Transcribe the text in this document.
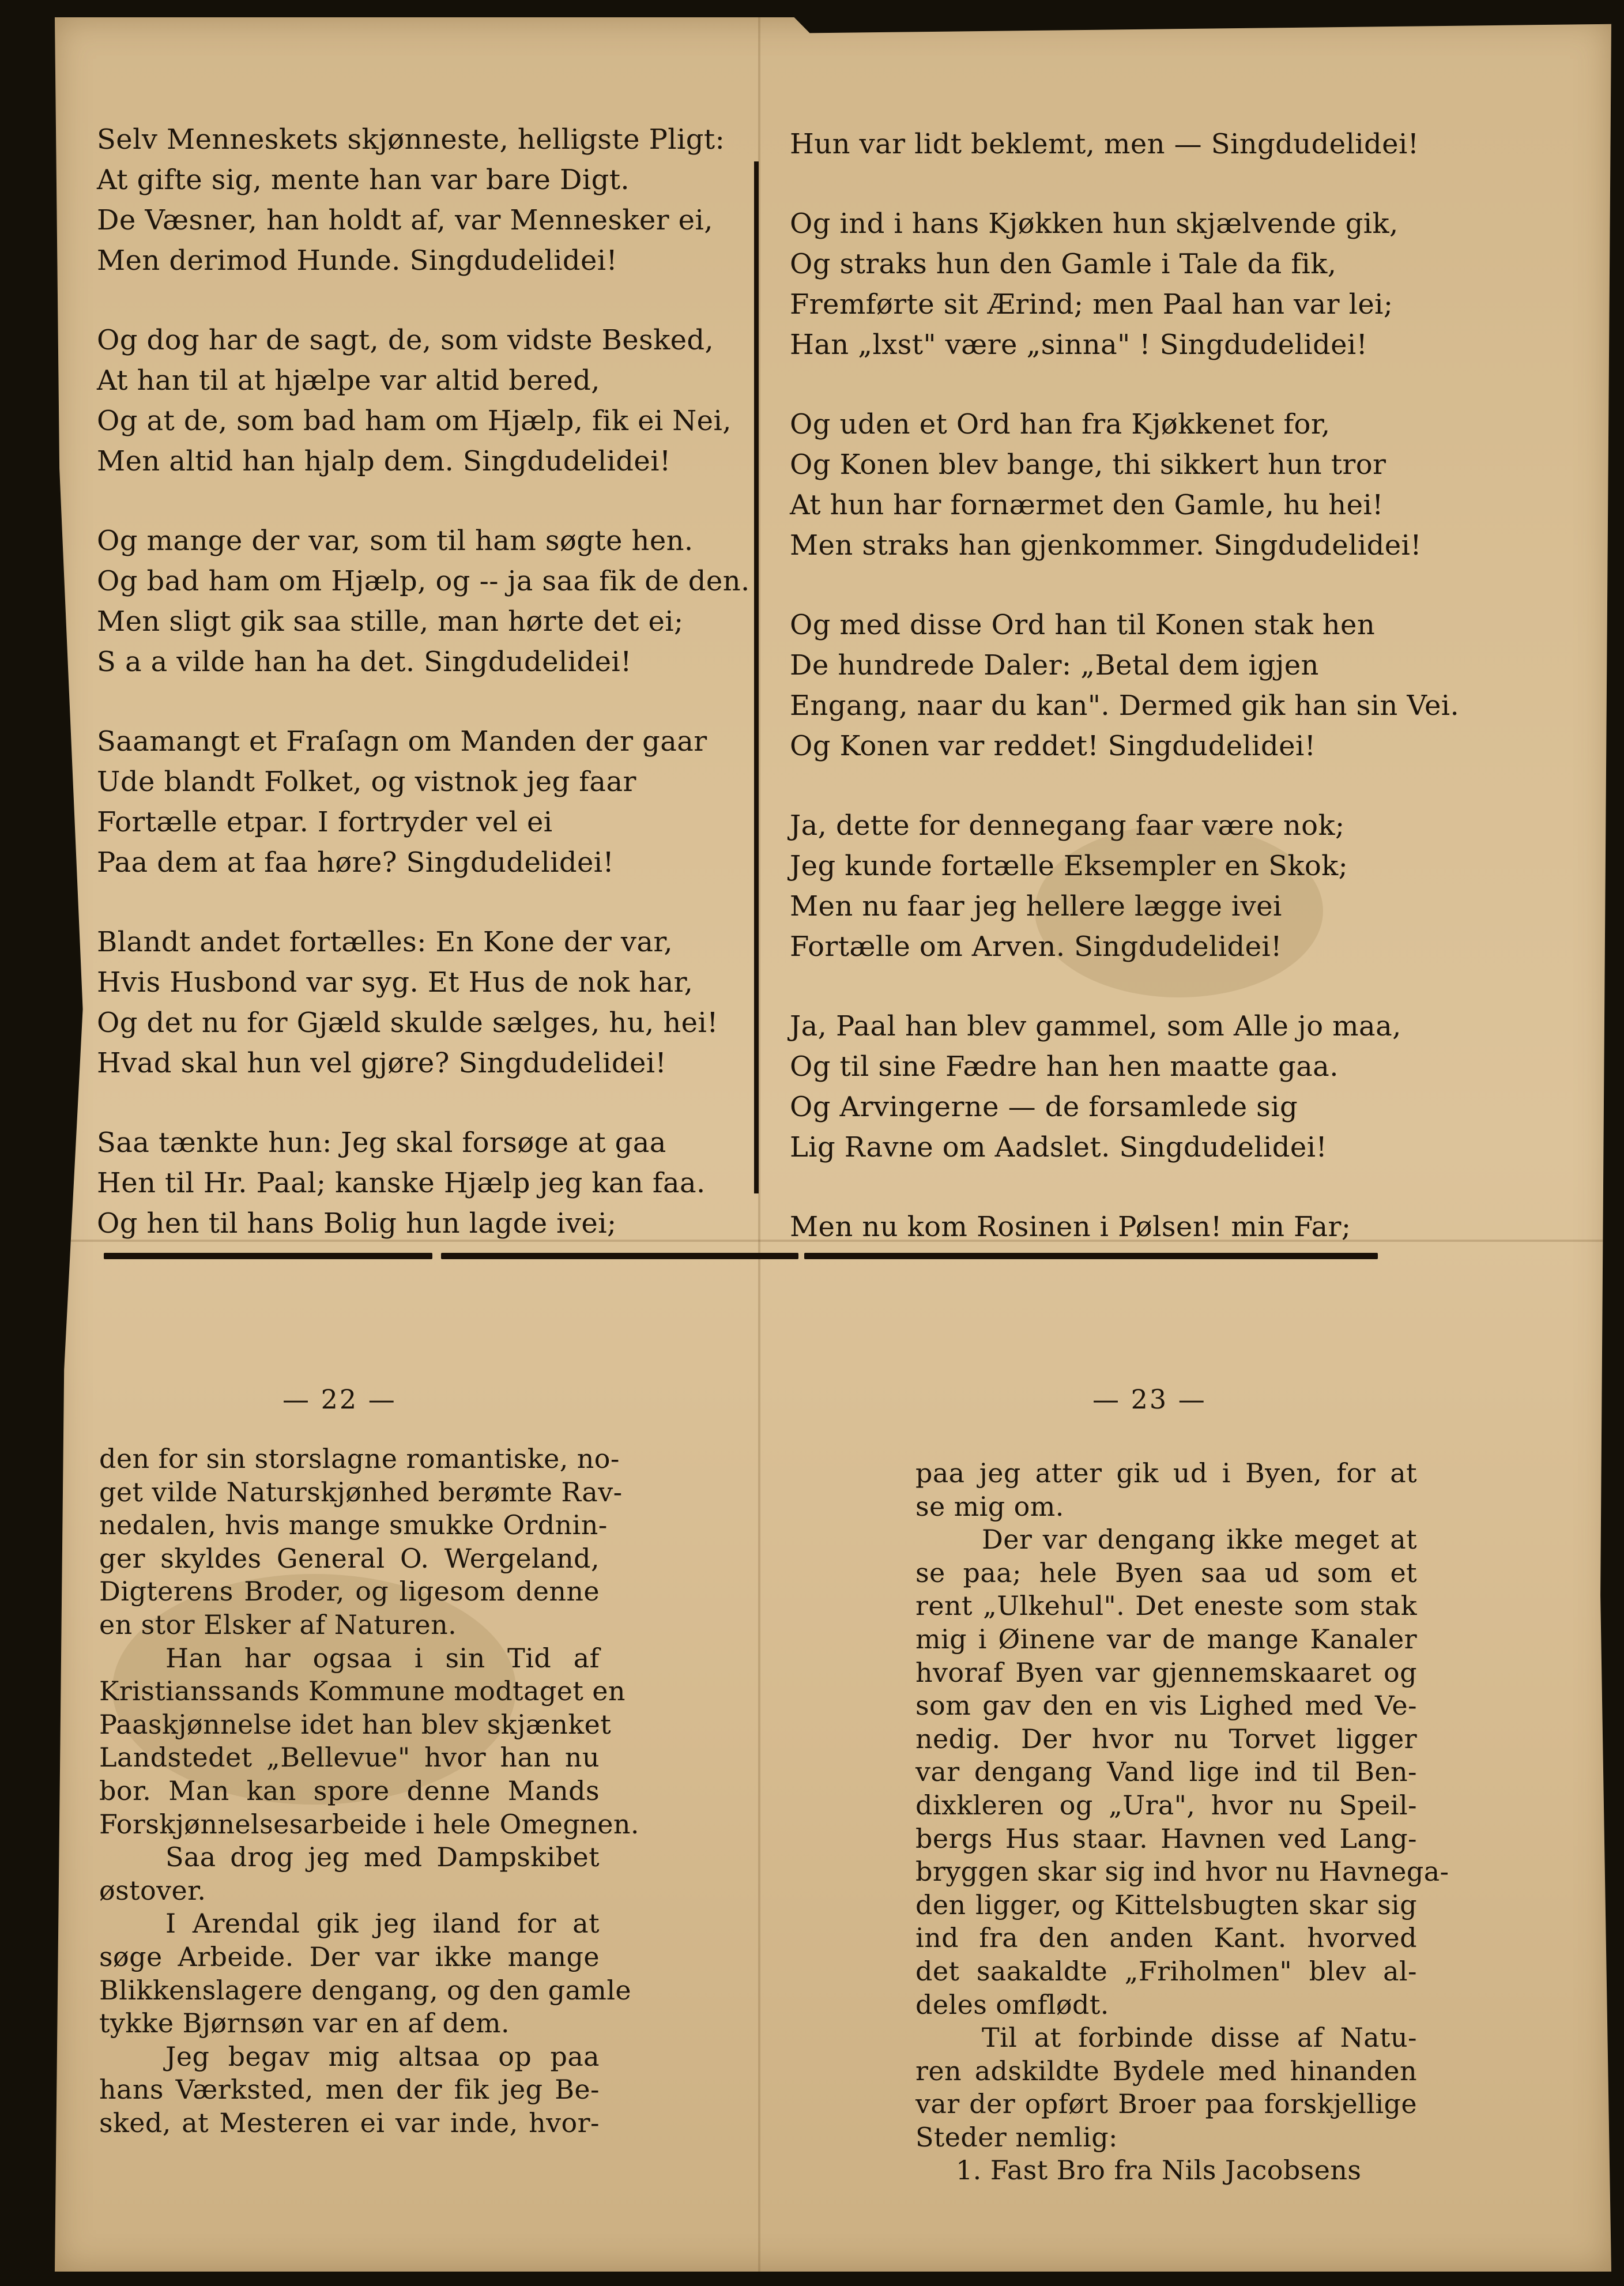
Selv Menneskets skjønneste, helligste Pligt:
At gifte sig, mente han var bare Digt.
De Væsner, han holdt af, var Mennesker ei,
Men derimod Hunde. Singdudelidei!
Og dog har de sagt, de, som vidste Besked,
At han til at hjælpe var altid bered,
Og at de, som bad ham om Hjælp, fik ei Nei,
Men altid han hjalp dem. Singdudelidei!
Og mange der var, som til ham søgte hen.
Og bad ham om Hjælp, og -- ja saa fik de den.
Men sligt gik saa stille, man hørte det ei;
S a a vilde han ha det. Singdudelidei!
Saamangt et Fraſagn om Manden der gaar
Ude blandt Folket, og vistnok jeg faar
Fortælle etpar. I fortryder vel ei
Paa dem at faa høre? Singdudelidei!
Blandt andet fortælles: En Kone der var,
Hvis Husbond var syg. Et Hus de nok har,
Og det nu for Gjæld skulde sælges, hu, hei!
Hvad skal hun vel gjøre? Singdudelidei!
Saa tænkte hun: Jeg skal forsøge at gaa
Hen til Hr. Paal; kanske Hjælp jeg kan faa.
Og hen til hans Bolig hun lagde ivei;
Hun var lidt beklemt, men — Singdudelidei!
Og ind i hans Kjøkken hun skjælvende gik,
Og straks hun den Gamle i Tale da fik,
Fremførte sit Ærind; men Paal han var lei;
Han „lxst" være „sinna" ! Singdudelidei!
Og uden et Ord han fra Kjøkkenet for,
Og Konen blev bange, thi sikkert hun tror
At hun har fornærmet den Gamle, hu hei!
Men straks han gjenkommer. Singdudelidei!
Og med disse Ord han til Konen stak hen
De hundrede Daler: „Betal dem igjen
Engang, naar du kan". Dermed gik han sin Vei.
Og Konen var reddet! Singdudelidei!
Ja, dette for dennegang faar være nok;
Jeg kunde fortælle Eksempler en Skok;
Men nu faar jeg hellere lægge ivei
Fortælle om Arven. Singdudelidei!
Ja, Paal han blev gammel, som Alle jo maa,
Og til sine Fædre han hen maatte gaa.
Og Arvingerne — de forsamlede sig
Lig Ravne om Aadslet. Singdudelidei!
Men nu kom Rosinen i Pølsen! min Far;
— 22 —
den for sin storslagne romantiske, no-
get vilde Naturskjønhed berømte Rav-
nedalen, hvis mange smukke Ordnin-
ger skyldes General O. Wergeland,
Digterens Broder, og ligesom denne
en stor Elsker af Naturen.
Han har ogsaa i sin Tid af
Kristianssands Kommune modtaget en
Paaskjønnelse idet han blev skjænket
Landstedet „Bellevue" hvor han nu
bor. Man kan spore denne Mands
Forskjønnelsesarbeide i hele Omegnen.
Saa drog jeg med Dampskibet
østover.
I Arendal gik jeg iland for at
søge Arbeide. Der var ikke mange
Blikkenslagere dengang, og den gamle
tykke Bjørnsøn var en af dem.
Jeg begav mig altsaa op paa
hans Værksted, men der fik jeg Be-
sked, at Mesteren ei var inde, hvor-
— 23 —
paa jeg atter gik ud i Byen, for at
se mig om.
Der var dengang ikke meget at
se paa; hele Byen saa ud som et
rent „Ulkehul". Det eneste som stak
mig i Øinene var de mange Kanaler
hvoraf Byen var gjennemskaaret og
som gav den en vis Lighed med Ve-
nedig. Der hvor nu Torvet ligger
var dengang Vand lige ind til Ben-
dixkleren og „Ura", hvor nu Speil-
bergs Hus staar. Havnen ved Lang-
bryggen skar sig ind hvor nu Havnega-
den ligger, og Kittelsbugten skar sig
ind fra den anden Kant. hvorved
det saakaldte „Friholmen" blev al-
deles omflødt.
Til at forbinde disse af Natu-
ren adskildte Bydele med hinanden
var der opført Broer paa forskjellige
Steder nemlig:
1. Fast Bro fra Nils Jacobsens
